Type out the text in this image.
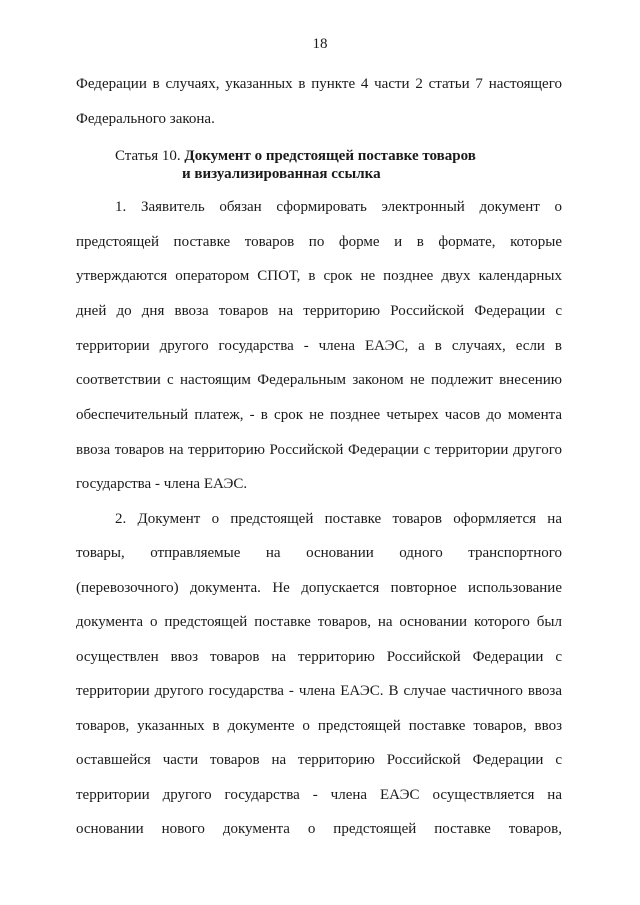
18
Федерации в случаях, указанных в пункте 4 части 2 статьи 7 настоящего
Федерального закона.
Статья 10. Документ о предстоящей поставке товаров
и визуализированная ссылка
1. Заявитель обязан сформировать электронный документ о
предстоящей поставке товаров по форме и в формате, которые
утверждаются оператором СПОТ, в срок не позднее двух календарных
дней до дня ввоза товаров на территорию Российской Федерации с
территории другого государства - члена ЕАЭС, а в случаях, если в
соответствии с настоящим Федеральным законом не подлежит внесению
обеспечительный платеж, - в срок не позднее четырех часов до момента
ввоза товаров на территорию Российской Федерации с территории другого
государства - члена ЕАЭС.
2. Документ о предстоящей поставке товаров оформляется на
товары, отправляемые на основании одного транспортного
(перевозочного) документа. Не допускается повторное использование
документа о предстоящей поставке товаров, на основании которого был
осуществлен ввоз товаров на территорию Российской Федерации с
территории другого государства - члена ЕАЭС. В случае частичного ввоза
товаров, указанных в документе о предстоящей поставке товаров, ввоз
оставшейся части товаров на территорию Российской Федерации с
территории другого государства - члена ЕАЭС осуществляется на
основании нового документа о предстоящей поставке товаров,
